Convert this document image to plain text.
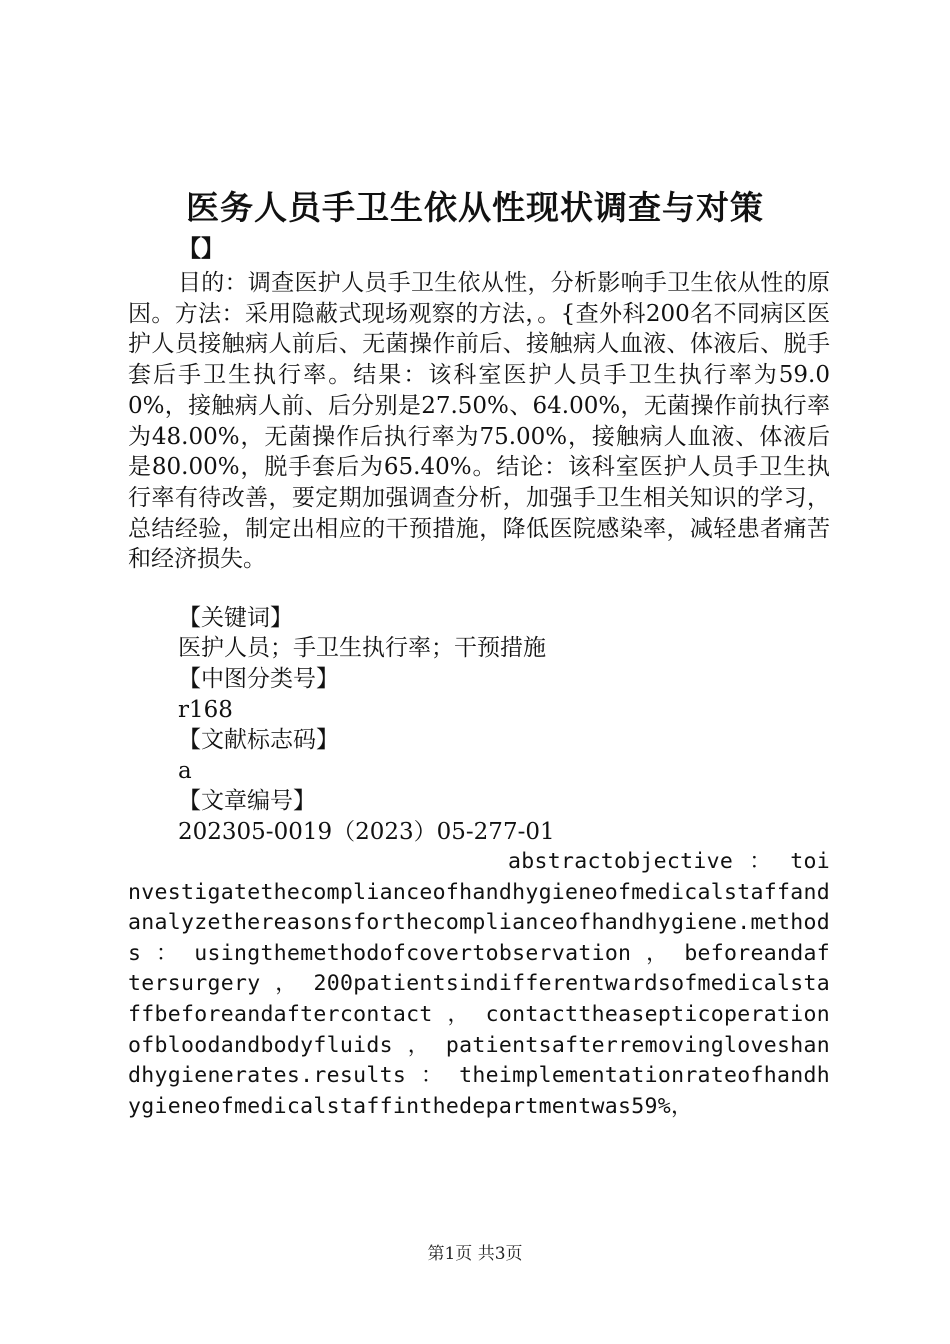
医务人员手卫生依从性现状调查与对策
【】

目的：调查医护人员手卫生依从性，分析影响手卫生依从性的原因。方法：采用隐蔽式现场观察的方法，。{查外科200名不同病区医护人员接触病人前后、无菌操作前后、接触病人血液、体液后、脱手套后手卫生执行率。结果：该科室医护人员手卫生执行率为59.00%，接触病人前、后分别是27.50%、64.00%，无菌操作前执行率为48.00%，无菌操作后执行率为75.00%，接触病人血液、体液后是80.00%，脱手套后为65.40%。结论：该科室医护人员手卫生执行率有待改善，要定期加强调查分析，加强手卫生相关知识的学习，总结经验，制定出相应的干预措施，降低医院感染率，减轻患者痛苦和经济损失。

【关键词】
医护人员；手卫生执行率；干预措施
【中图分类号】
r168
【文献标志码】
a
【文章编号】
202305-0019（2023）05-277-01

abstractobjective ： toinvestigatethecomplianceofhandhygieneofmedicalstaffandanalyzethereasonsforthecomplianceofhandhygiene.methods ： usingthemethodofcovertobservation ， beforeandaftersurgery ， 200patientsindifferentwardsofmedicalstaffbeforeandaftercontact ， contacttheasepticoperationofbloodandbodyfluids ， patientsafterremovingloveshandhygienerates.results ： theimplementationrateofhandhygieneofmedicalstaffinthedepartmentwas59%，

第1页 共3页
